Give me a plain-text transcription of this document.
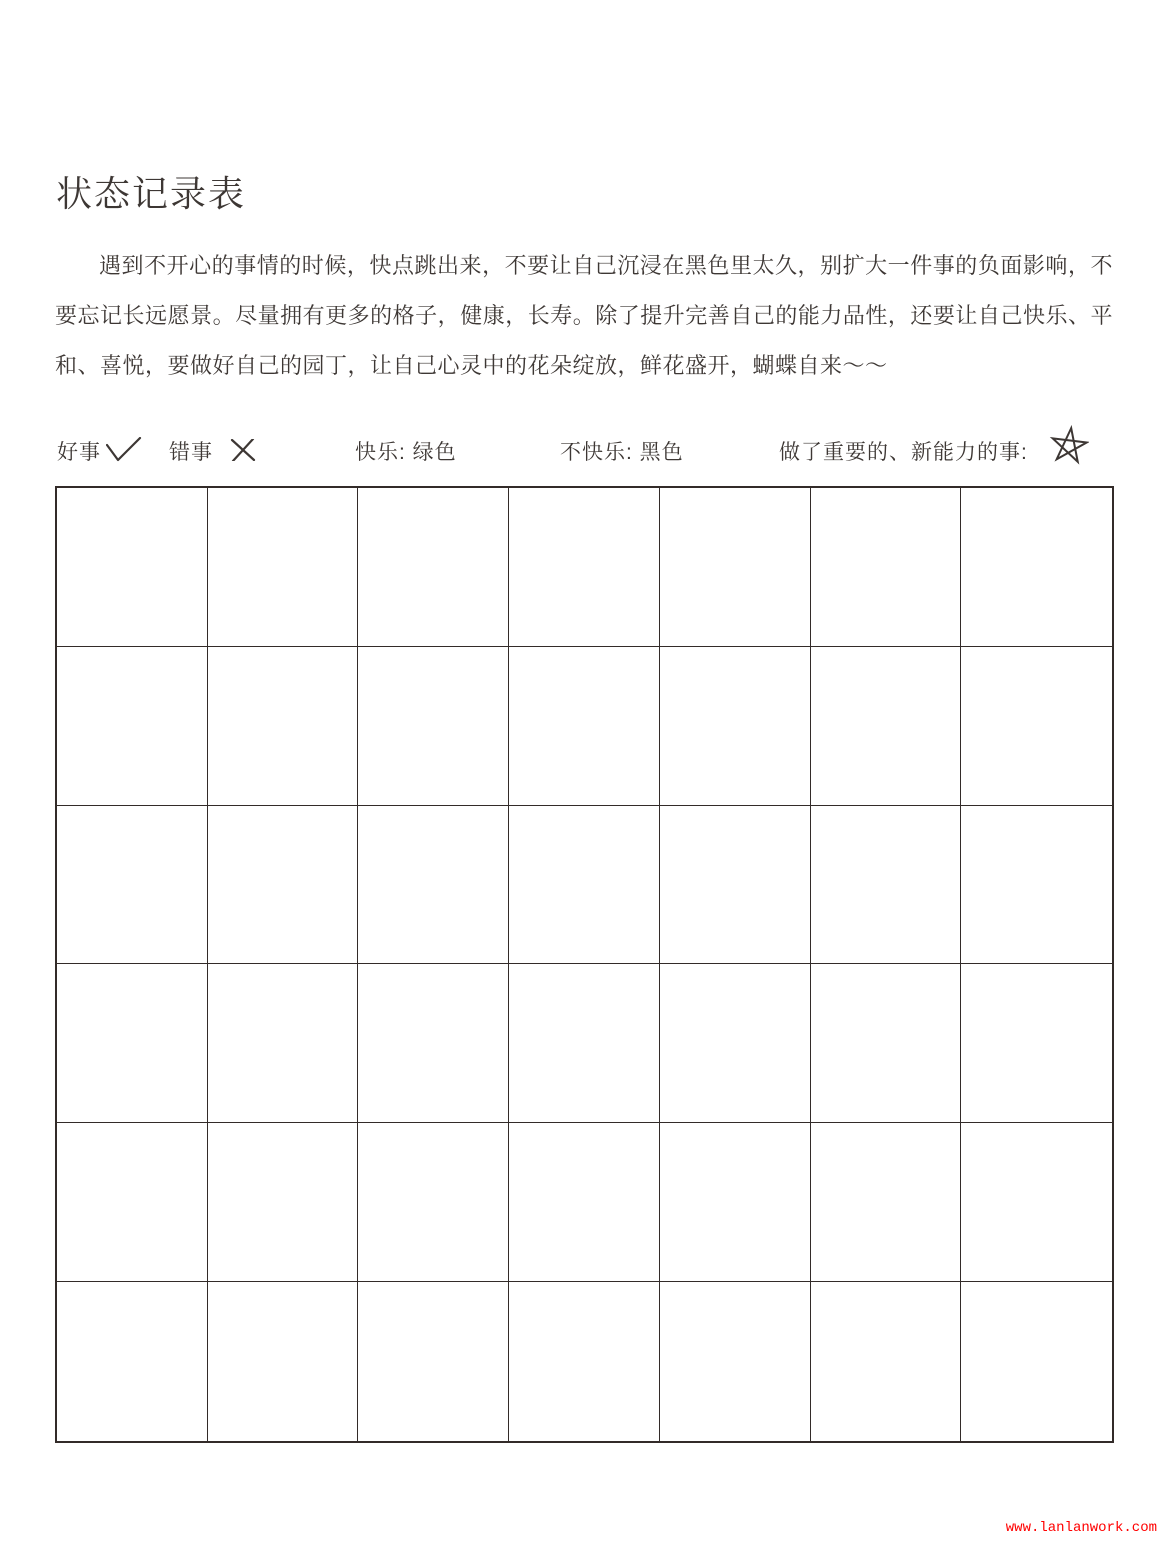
状态记录表

遇到不开心的事情的时候，快点跳出来，不要让自己沉浸在黑色里太久，别扩大一件事的负面影响，不要忘记长远愿景。尽量拥有更多的格子，健康，长寿。除了提升完善自己的能力品性，还要让自己快乐、平和、喜悦，要做好自己的园丁，让自己心灵中的花朵绽放，鲜花盛开，蝴蝶自来～～

好事	错事	快乐: 绿色	不快乐: 黑色	做了重要的、新能力的事:
www.lanlanwork.com
